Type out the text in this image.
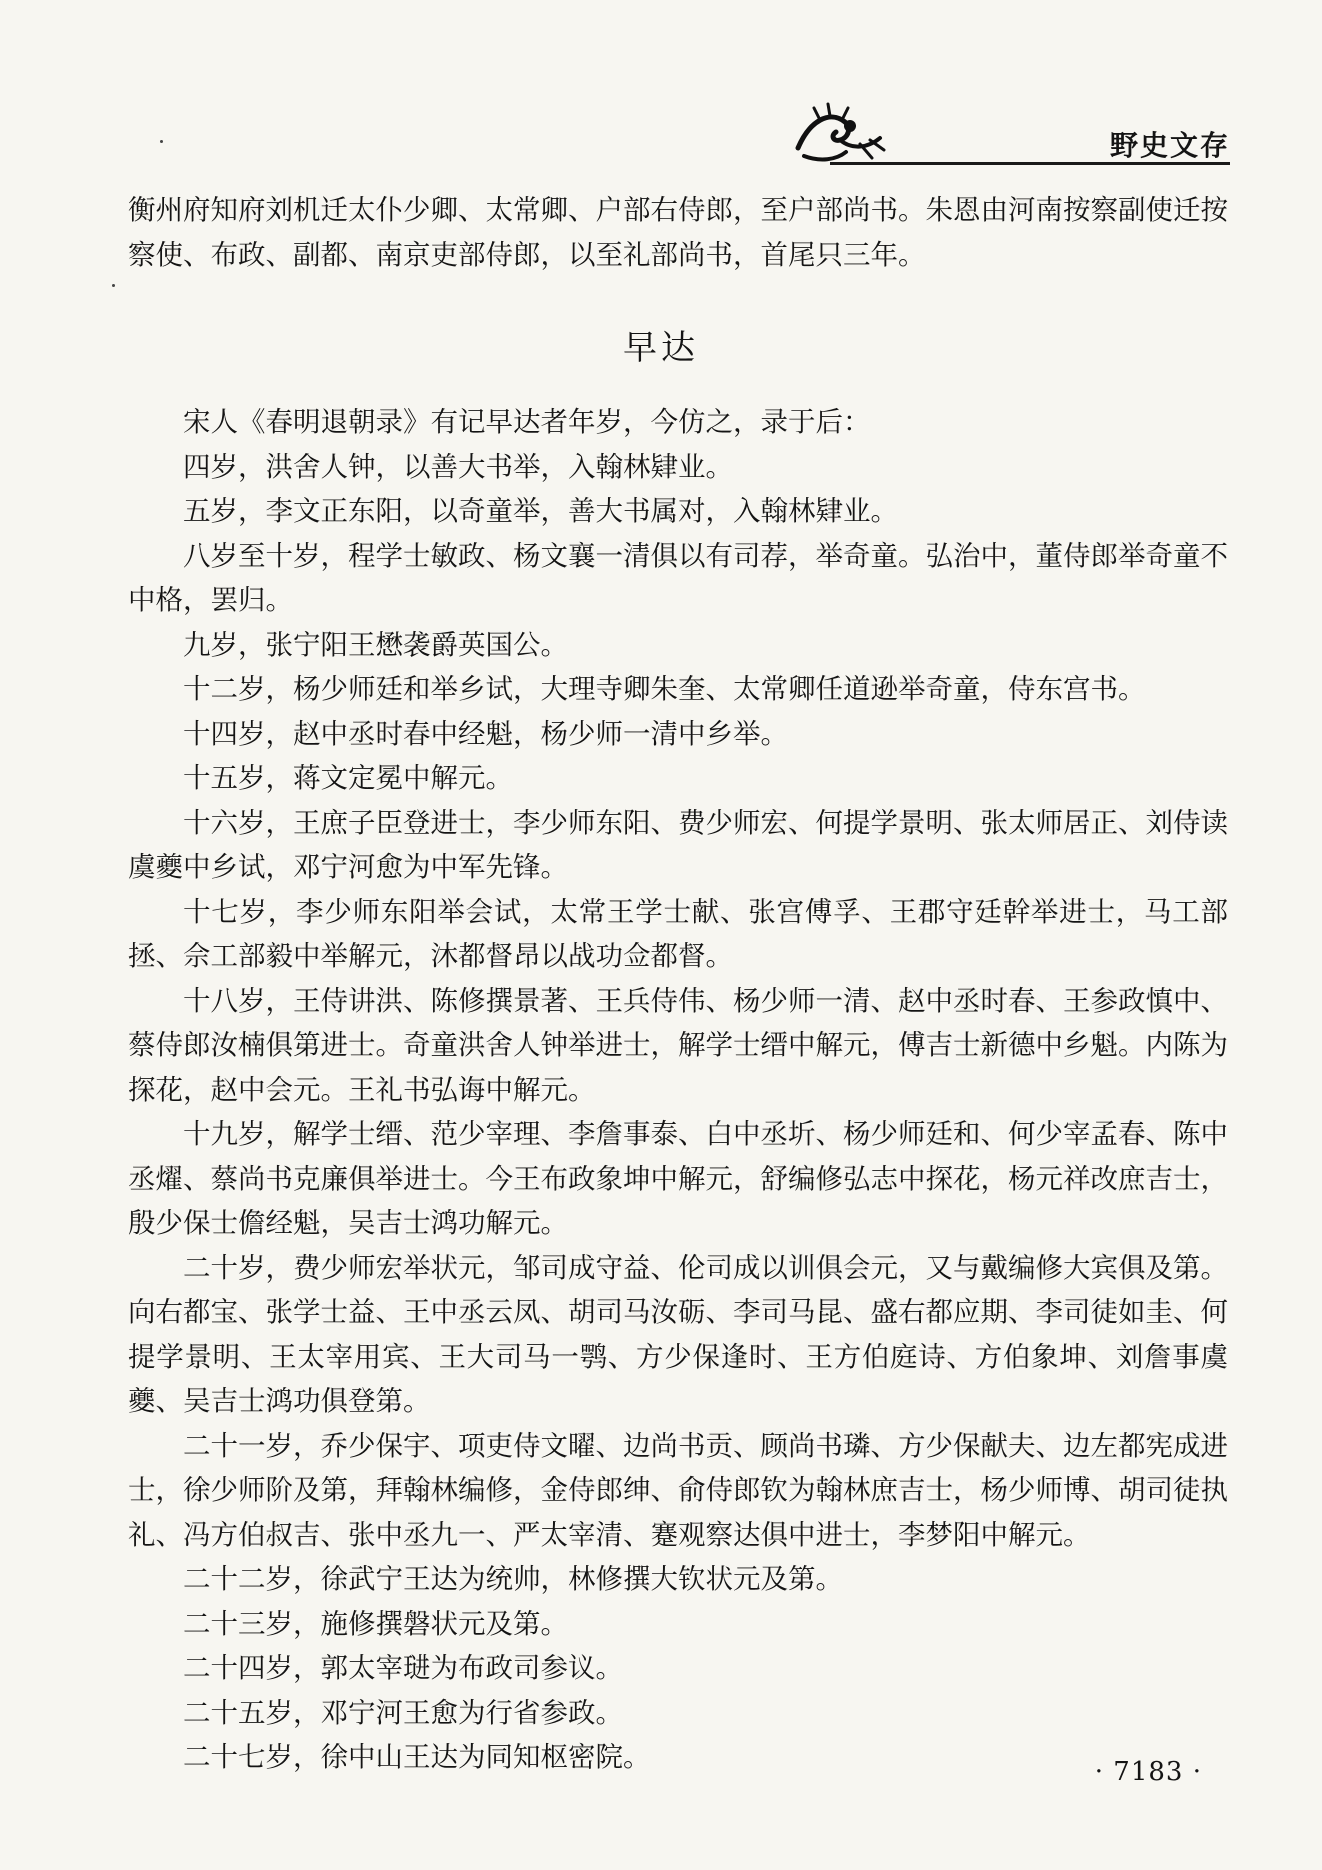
野史文存

衡州府知府刘机迁太仆少卿、太常卿、户部右侍郎，至户部尚书。朱恩由河南按察副使迁按察使、布政、副都、南京吏部侍郎，以至礼部尚书，首尾只三年。

早达

宋人《春明退朝录》有记早达者年岁，今仿之，录于后：

四岁，洪舍人钟，以善大书举，入翰林肄业。

五岁，李文正东阳，以奇童举，善大书属对，入翰林肄业。

八岁至十岁，程学士敏政、杨文襄一清俱以有司荐，举奇童。弘治中，董侍郎举奇童不中格，罢归。

九岁，张宁阳王懋袭爵英国公。

十二岁，杨少师廷和举乡试，大理寺卿朱奎、太常卿任道逊举奇童，侍东宫书。

十四岁，赵中丞时春中经魁，杨少师一清中乡举。

十五岁，蒋文定冕中解元。

十六岁，王庶子臣登进士，李少师东阳、费少师宏、何提学景明、张太师居正、刘侍读虞夔中乡试，邓宁河愈为中军先锋。

十七岁，李少师东阳举会试，太常王学士献、张宫傅孚、王郡守廷幹举进士，马工部拯、佘工部毅中举解元，沐都督昂以战功佥都督。

十八岁，王侍讲洪、陈修撰景著、王兵侍伟、杨少师一清、赵中丞时春、王参政慎中、蔡侍郎汝楠俱第进士。奇童洪舍人钟举进士，解学士缙中解元，傅吉士新德中乡魁。内陈为探花，赵中会元。王礼书弘诲中解元。

十九岁，解学士缙、范少宰理、李詹事泰、白中丞圻、杨少师廷和、何少宰孟春、陈中丞燿、蔡尚书克廉俱举进士。今王布政象坤中解元，舒编修弘志中探花，杨元祥改庶吉士，殷少保士儋经魁，吴吉士鸿功解元。

二十岁，费少师宏举状元，邹司成守益、伦司成以训俱会元，又与戴编修大宾俱及第。向右都宝、张学士益、王中丞云凤、胡司马汝砺、李司马昆、盛右都应期、李司徒如圭、何提学景明、王太宰用宾、王大司马一鹗、方少保逢时、王方伯庭诗、方伯象坤、刘詹事虞夔、吴吉士鸿功俱登第。

二十一岁，乔少保宇、项吏侍文曜、边尚书贡、顾尚书璘、方少保献夫、边左都宪成进士，徐少师阶及第，拜翰林编修，金侍郎绅、俞侍郎钦为翰林庶吉士，杨少师博、胡司徒执礼、冯方伯叔吉、张中丞九一、严太宰清、蹇观察达俱中进士，李梦阳中解元。

二十二岁，徐武宁王达为统帅，林修撰大钦状元及第。

二十三岁，施修撰磐状元及第。

二十四岁，郭太宰琎为布政司参议。

二十五岁，邓宁河王愈为行省参政。

二十七岁，徐中山王达为同知枢密院。	· 7183 ·
